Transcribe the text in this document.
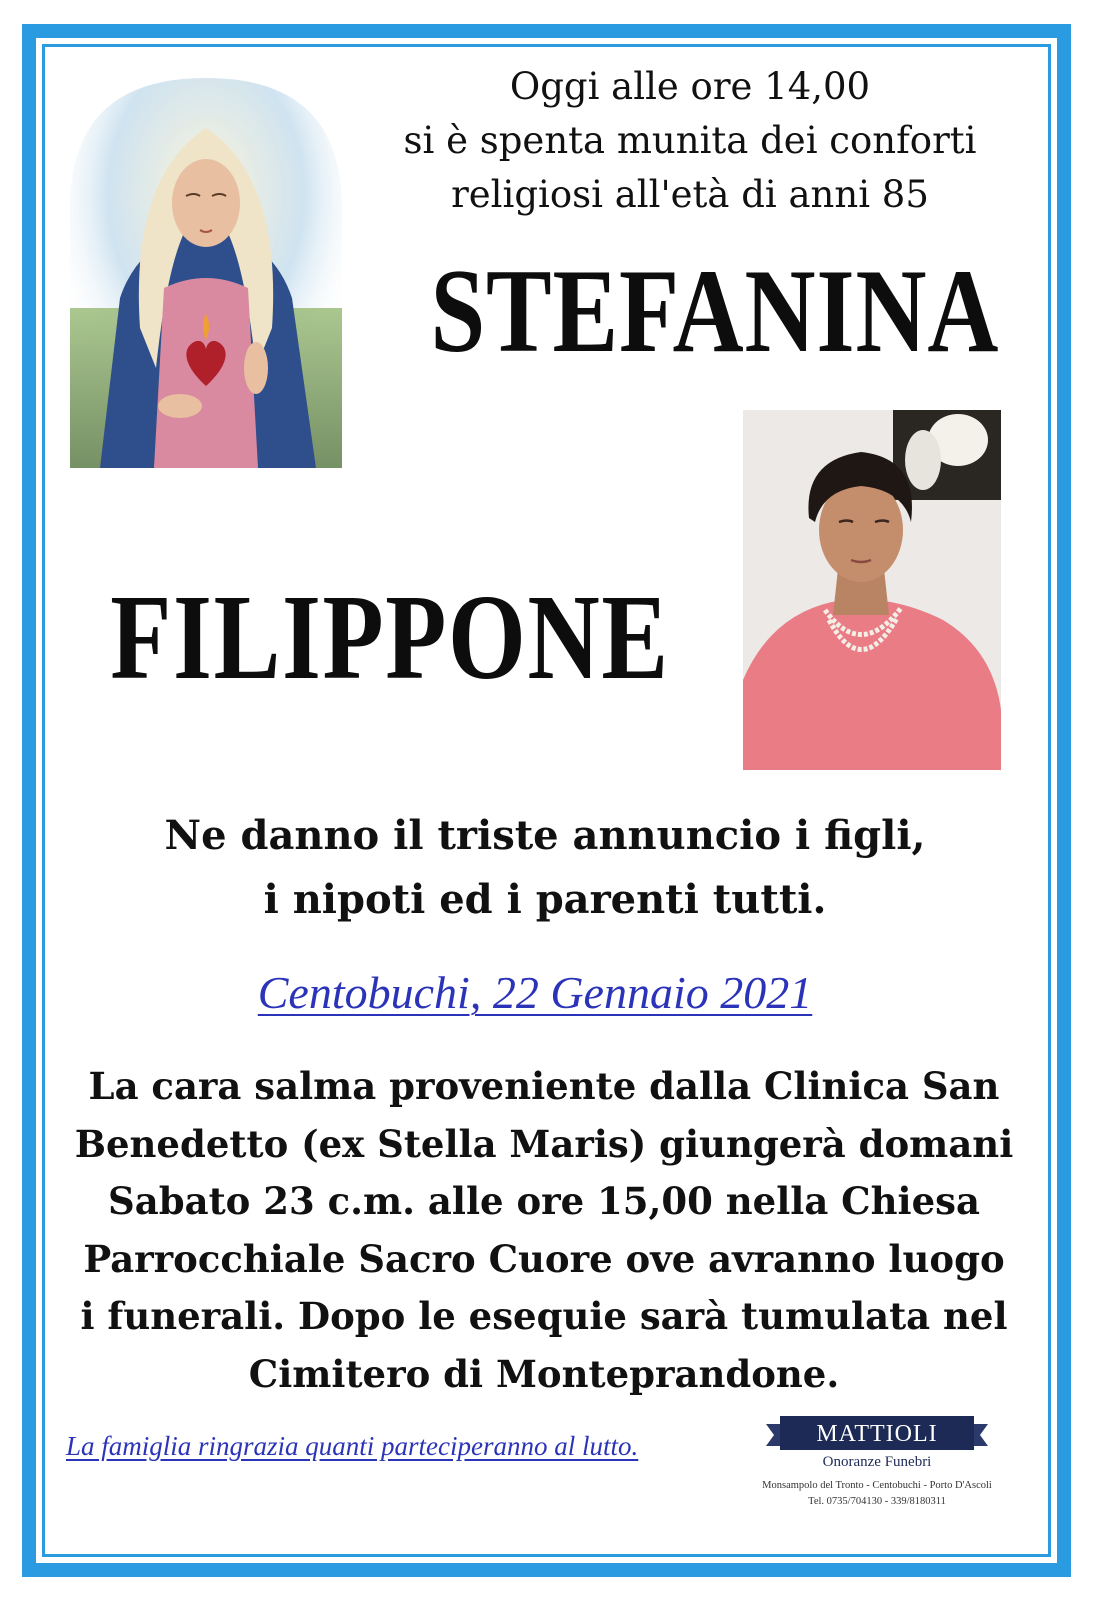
Oggi alle ore 14,00
si è spenta munita dei conforti
religiosi all'età di anni 85
STEFANINA
FILIPPONE
Ne danno il triste annuncio i figli,
i nipoti ed i parenti tutti.
Centobuchi, 22 Gennaio 2021
La cara salma proveniente dalla Clinica San
Benedetto (ex Stella Maris) giungerà domani
Sabato 23 c.m. alle ore 15,00 nella Chiesa
Parrocchiale Sacro Cuore ove avranno luogo
i funerali. Dopo le esequie sarà tumulata nel
Cimitero di Monteprandone.
La famiglia ringrazia quanti parteciperanno al lutto.	MATTIOLI
Onoranze Funebri
Monsampolo del Tronto - Centobuchi - Porto D'Ascoli
Tel. 0735/704130 - 339/8180311
